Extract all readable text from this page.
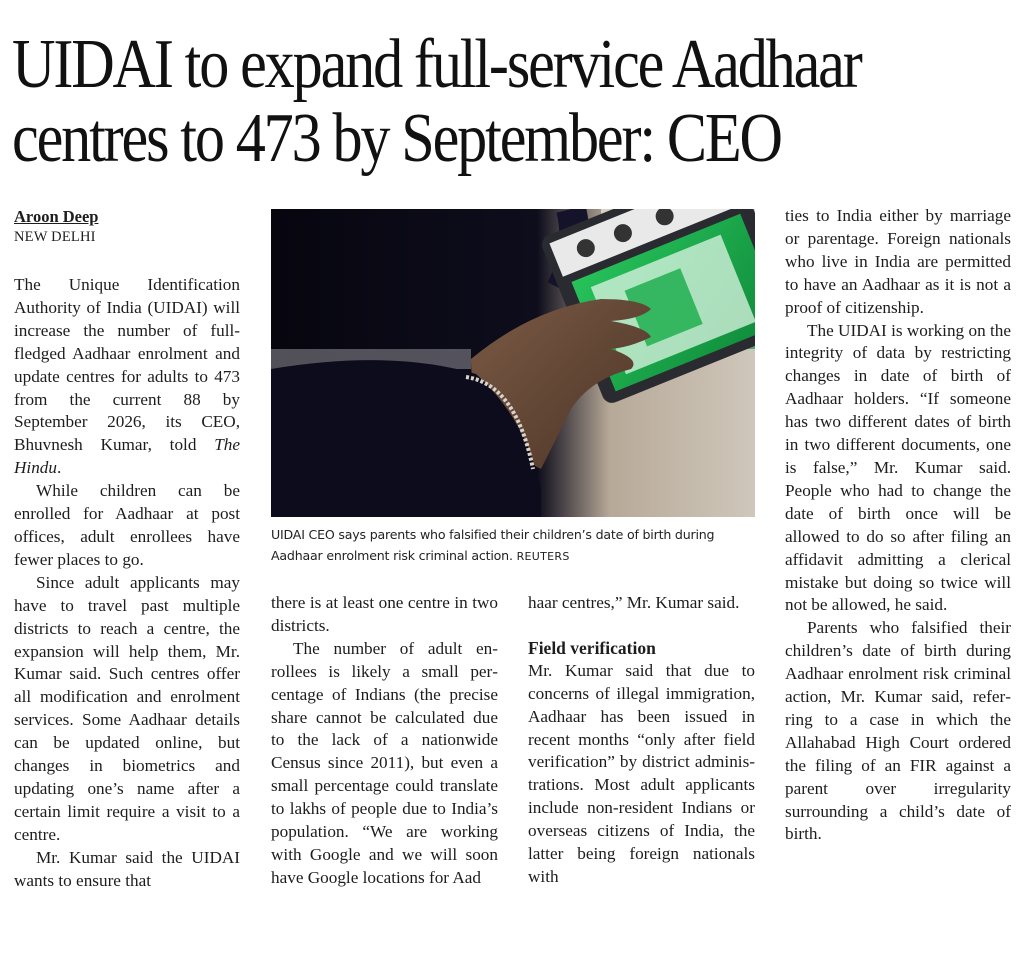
UIDAI to expand full-service Aadhaar
centres to 473 by September: CEO
Aroon Deep
NEW DELHI

The Unique Identification Authority of India (UIDAI) will increase the number of full-fledged Aadhaar enrolment and update centres for adults to 473 from the current 88 by September 2026, its CEO, Bhuvnesh Kumar, told The Hindu.

While children can be enrolled for Aadhaar at post offices, adult enrollees have fewer places to go.

Since adult applicants may have to travel past multiple districts to reach a centre, the expansion will help them, Mr. Kumar said. Such centres offer all modification and enrolment services. Some Aadhaar details can be updated online, but changes in biometrics and updating one’s name after a certain limit require a visit to a centre.

Mr. Kumar said the UIDAI wants to ensure that

UIDAI CEO says parents who falsified their children’s date of birth during Aadhaar enrolment risk criminal action. REUTERS

there is at least one centre in two districts.

The number of adult enrollees is likely a small percentage of Indians (the precise share cannot be calculated due to the lack of a nationwide Census since 2011), but even a small percentage could translate to lakhs of people due to India’s population. “We are working with Google and we will soon have Google locations for Aad

haar centres,” Mr. Kumar said.

Field verification

Mr. Kumar said that due to concerns of illegal immigration, Aadhaar has been issued in recent months “only after field verification” by district administrations. Most adult applicants include non-resident Indians or overseas citizens of India, the latter being foreign nationals with

ties to India either by marriage or parentage. Foreign nationals who live in India are permitted to have an Aadhaar as it is not a proof of citizenship.

The UIDAI is working on the integrity of data by restricting changes in date of birth of Aadhaar holders. “If someone has two different dates of birth in two different documents, one is false,” Mr. Kumar said. People who had to change the date of birth once will be allowed to do so after filing an affidavit admitting a clerical mistake but doing so twice will not be allowed, he said.

Parents who falsified their children’s date of birth during Aadhaar enrolment risk criminal action, Mr. Kumar said, referring to a case in which the Allahabad High Court ordered the filing of an FIR against a parent over irregularity surrounding a child’s date of birth.
